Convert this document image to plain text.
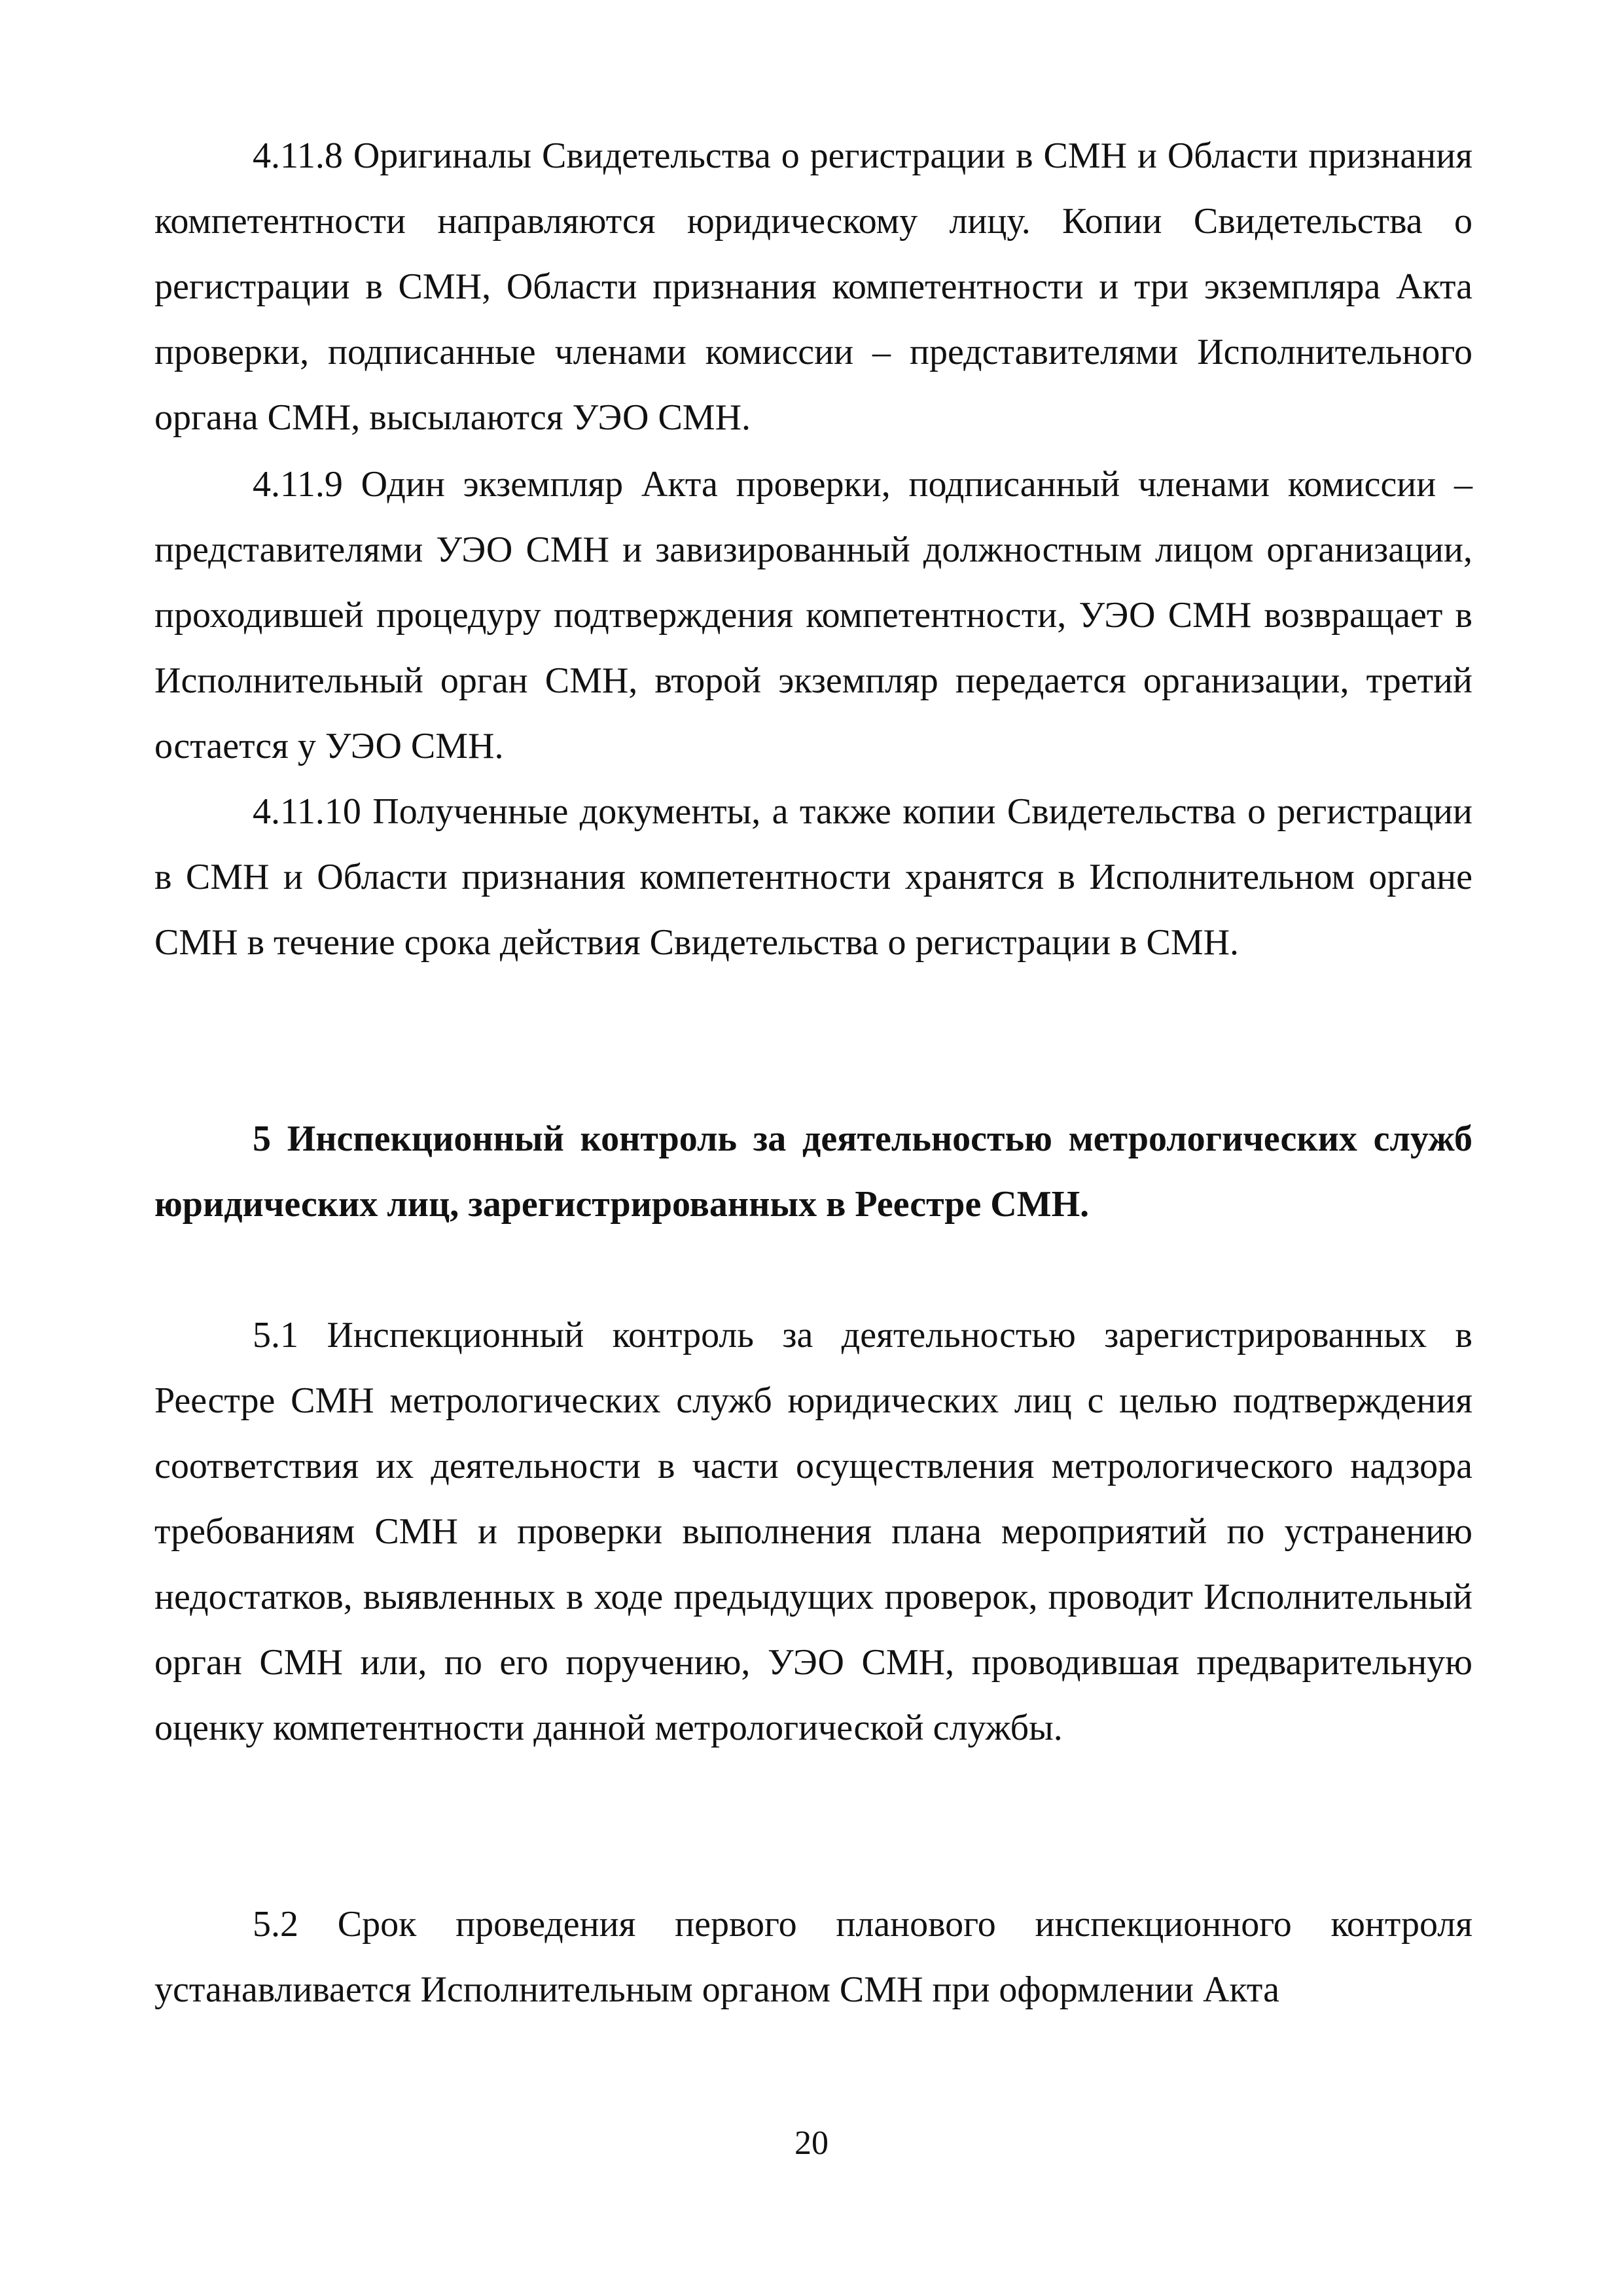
4.11.8 Оригиналы Свидетельства о регистрации в СМН и Области признания компетентности направляются юридическому лицу. Копии Свидетельства о регистрации в СМН, Области признания компетентности и три экземпляра Акта проверки, подписанные членами комиссии – представителями Исполнительного органа СМН, высылаются УЭО СМН.

4.11.9 Один экземпляр Акта проверки, подписанный членами комиссии – представителями УЭО СМН и завизированный должностным лицом организации, проходившей процедуру подтверждения компетентности, УЭО СМН возвращает в Исполнительный орган СМН, второй экземпляр передается организации, третий остается у УЭО СМН.

4.11.10 Полученные документы, а также копии Свидетельства о регистрации в СМН и Области признания компетентности хранятся в Исполнительном органе СМН в течение срока действия Свидетельства о регистрации в СМН.

5 Инспекционный контроль за деятельностью метрологических служб юридических лиц, зарегистрированных в Реестре СМН.

5.1 Инспекционный контроль за деятельностью зарегистрированных в Реестре СМН метрологических служб юридических лиц с целью подтверждения соответствия их деятельности в части осуществления метрологического надзора требованиям СМН и проверки выполнения плана мероприятий по устранению недостатков, выявленных в ходе предыдущих проверок, проводит Исполнительный орган СМН или, по его поручению, УЭО СМН, проводившая предварительную оценку компетентности данной метрологической службы.

5.2 Срок проведения первого планового инспекционного контроля устанавливается Исполнительным органом СМН при оформлении Акта

20
